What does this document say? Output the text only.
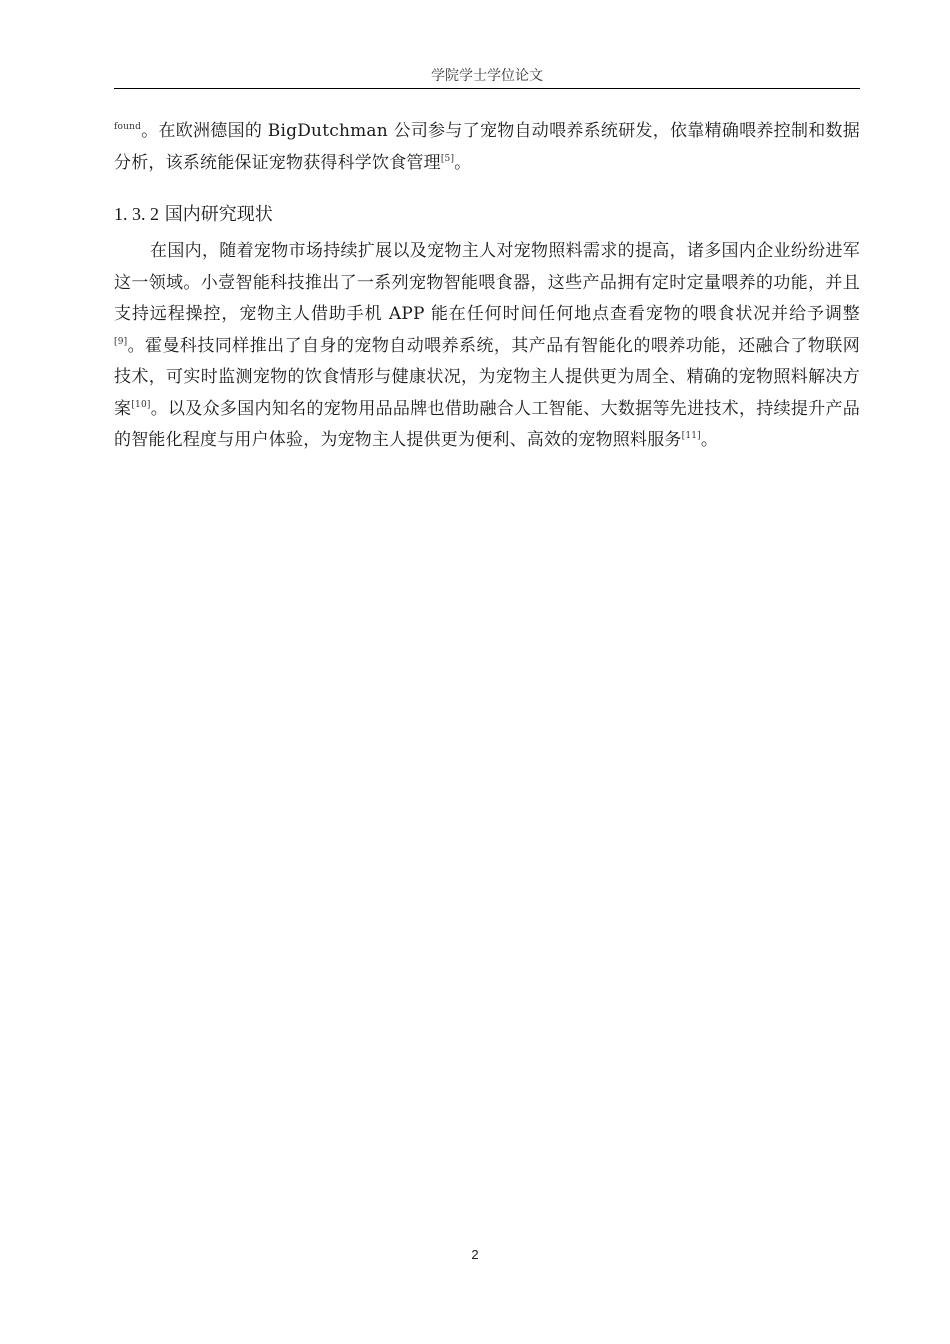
学院学士学位论文

$^{found}$。在欧洲德国的 BigDutchman 公司参与了宠物自动喂养系统研发，依靠精确喂养控制和数据分析，该系统能保证宠物获得科学饮食管理[5]。

1. 3. 2 国内研究现状

在国内，随着宠物市场持续扩展以及宠物主人对宠物照料需求的提高，诸多国内企业纷纷进军这一领域。小壹智能科技推出了一系列宠物智能喂食器，这些产品拥有定时定量喂养的功能，并且支持远程操控，宠物主人借助手机 APP 能在任何时间任何地点查看宠物的喂食状况并给予调整[9]。霍曼科技同样推出了自身的宠物自动喂养系统，其产品有智能化的喂养功能，还融合了物联网技术，可实时监测宠物的饮食情形与健康状况，为宠物主人提供更为周全、精确的宠物照料解决方案[10]。以及众多国内知名的宠物用品品牌也借助融合人工智能、大数据等先进技术，持续提升产品的智能化程度与用户体验，为宠物主人提供更为便利、高效的宠物照料服务[11]。

2
